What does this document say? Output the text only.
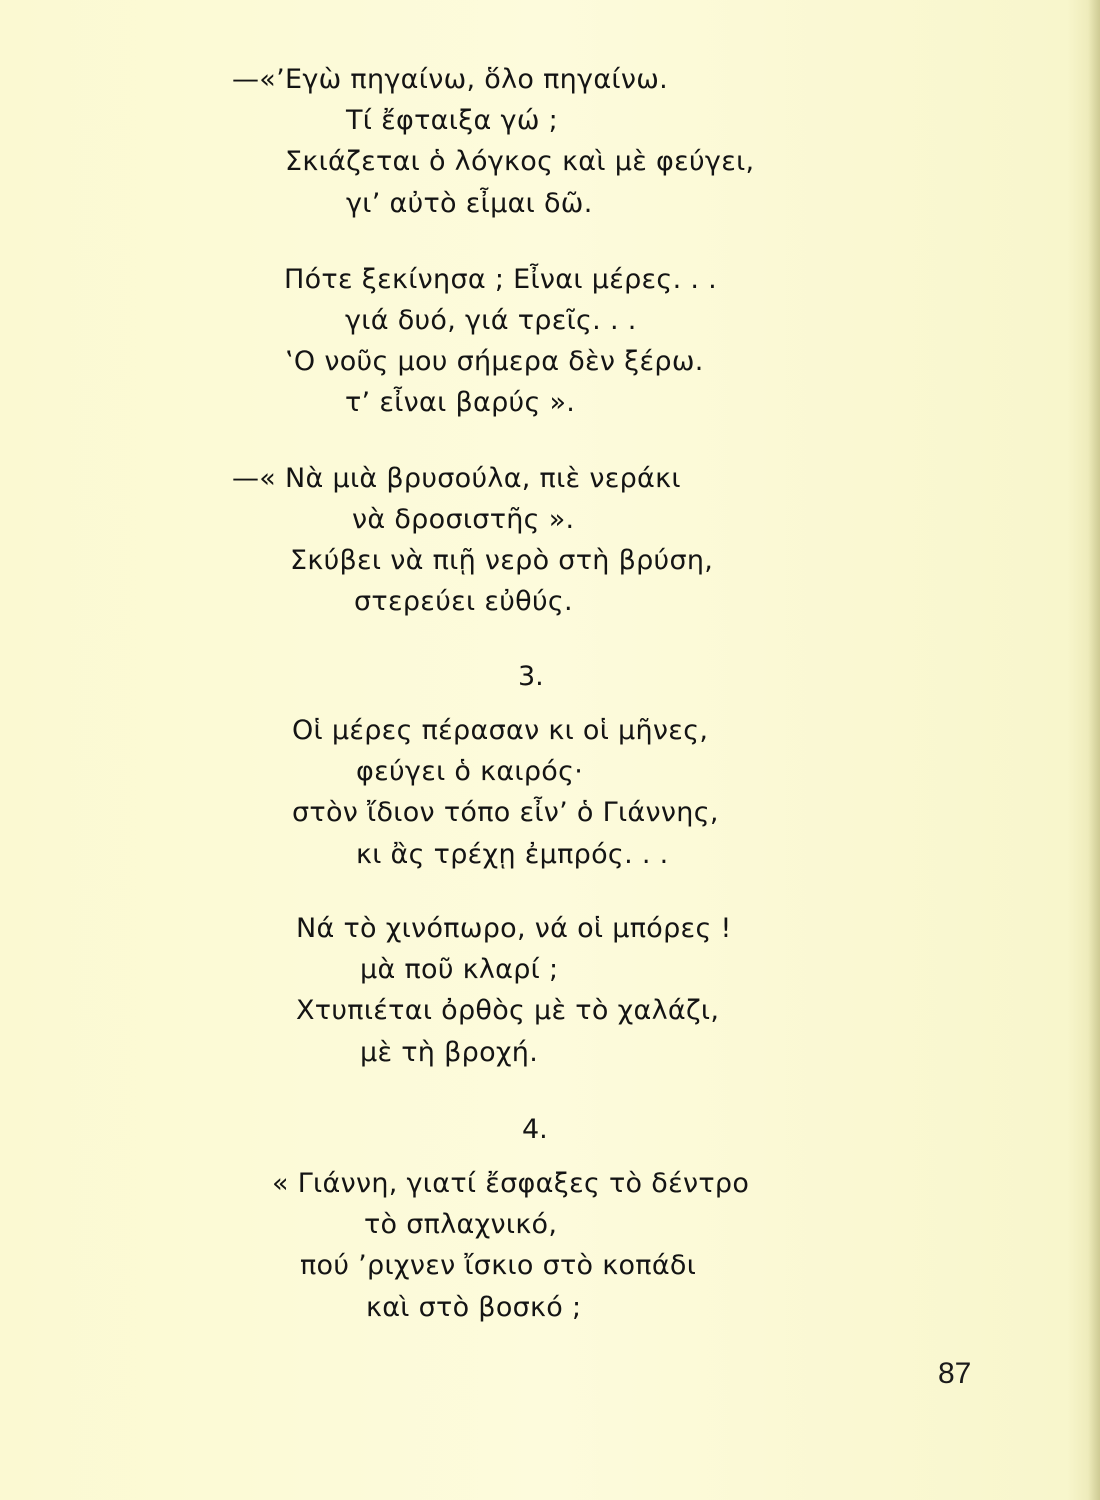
—«’Εγὼ πηγαίνω, ὅλο πηγαίνω.
Τί ἔφταιξα γώ ;
Σκιάζεται ὁ λόγκος καὶ μὲ φεύγει,
γι’ αὐτὸ εἶμαι δῶ.
Πότε ξεκίνησα ; Εἶναι μέρες. . .
γιά δυό, γιά τρεῖς. . .
‛Ο νοῦς μου σήμερα δὲν ξέρω.
τ’ εἶναι βαρύς ».
—« Νὰ μιὰ βρυσούλα, πιὲ νεράκι
νὰ δροσιστῆς ».
Σκύβει νὰ πιῇ νερὸ στὴ βρύση,
στερεύει εὐθύς.
3.
Οἱ μέρες πέρασαν κι οἱ μῆνες,
φεύγει ὁ καιρός·
στὸν ἴδιον τόπο εἶν’ ὁ Γιάννης,
κι ἂς τρέχῃ ἐμπρός. . .
Νά τὸ χινόπωρο, νά οἱ μπόρες !
μὰ ποῦ κλαρί ;
Χτυπιέται ὀρθὸς μὲ τὸ χαλάζι,
μὲ τὴ βροχή.
4.
« Γιάννη, γιατί ἔσφαξες τὸ δέντρο
τὸ σπλαχνικό,
πού ’ριχνεν ἴσκιο στὸ κοπάδι
καὶ στὸ βοσκό ;
87
